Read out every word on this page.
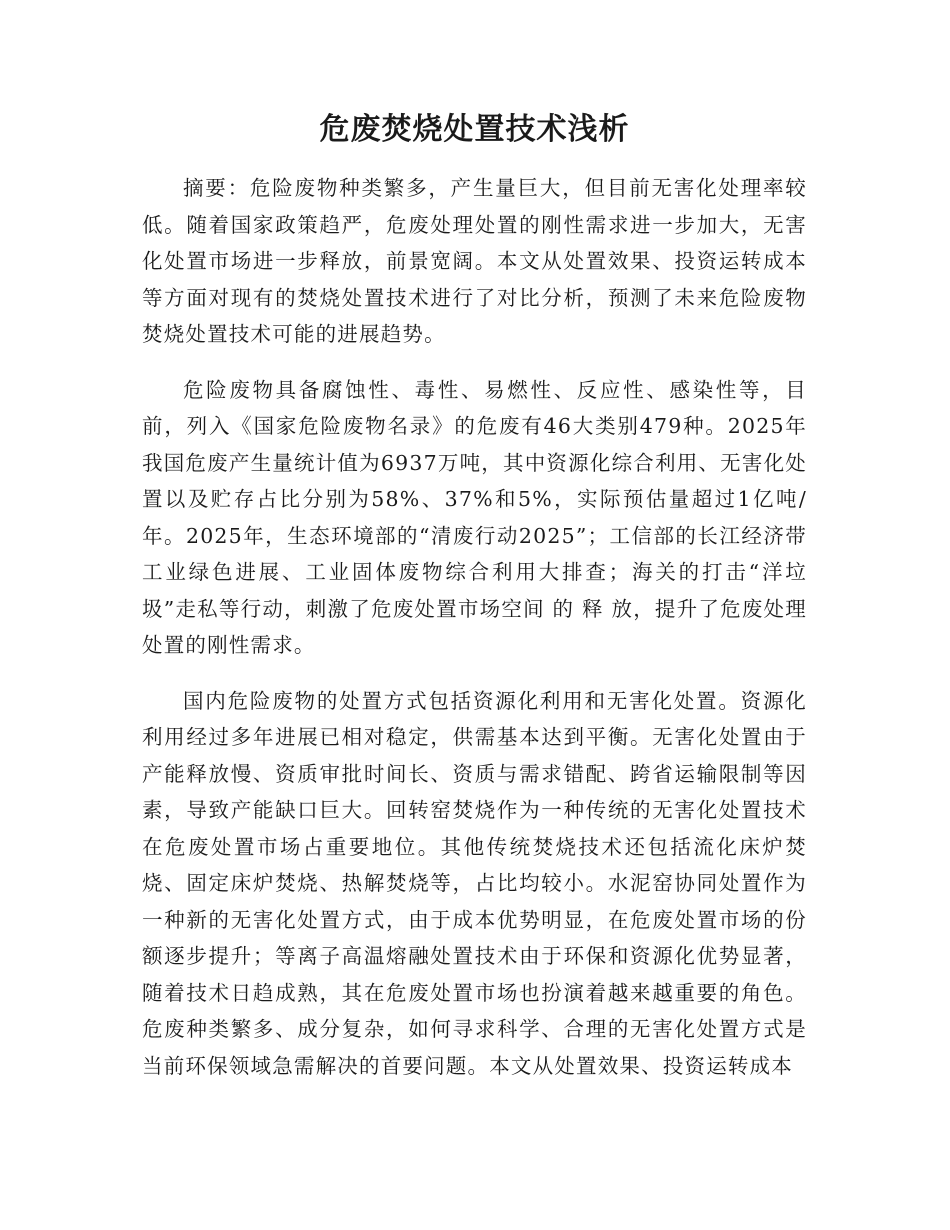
危废焚烧处置技术浅析

摘要：危险废物种类繁多，产生量巨大，但目前无害化处理率较低。随着国家政策趋严，危废处理处置的刚性需求进一步加大，无害化处置市场进一步释放，前景宽阔。本文从处置效果、投资运转成本等方面对现有的焚烧处置技术进行了对比分析，预测了未来危险废物焚烧处置技术可能的进展趋势。

危险废物具备腐蚀性、毒性、易燃性、反应性、感染性等，目前，列入《国家危险废物名录》的危废有46大类别479种。2025年我国危废产生量统计值为6937万吨，其中资源化综合利用、无害化处置以及贮存占比分别为58%、37%和5%，实际预估量超过1亿吨/年。2025年，生态环境部的“清废行动2025”；工信部的长江经济带工业绿色进展、工业固体废物综合利用大排查；海关的打击“洋垃圾”走私等行动，刺激了危废处置市场空间 的 释 放，提升了危废处理处置的刚性需求。

国内危险废物的处置方式包括资源化利用和无害化处置。资源化利用经过多年进展已相对稳定，供需基本达到平衡。无害化处置由于产能释放慢、资质审批时间长、资质与需求错配、跨省运输限制等因素，导致产能缺口巨大。回转窑焚烧作为一种传统的无害化处置技术在危废处置市场占重要地位。其他传统焚烧技术还包括流化床炉焚烧、固定床炉焚烧、热解焚烧等，占比均较小。水泥窑协同处置作为一种新的无害化处置方式，由于成本优势明显，在危废处置市场的份额逐步提升；等离子高温熔融处置技术由于环保和资源化优势显著，随着技术日趋成熟，其在危废处置市场也扮演着越来越重要的角色。危废种类繁多、成分复杂，如何寻求科学、合理的无害化处置方式是当前环保领域急需解决的首要问题。本文从处置效果、投资运转成本
